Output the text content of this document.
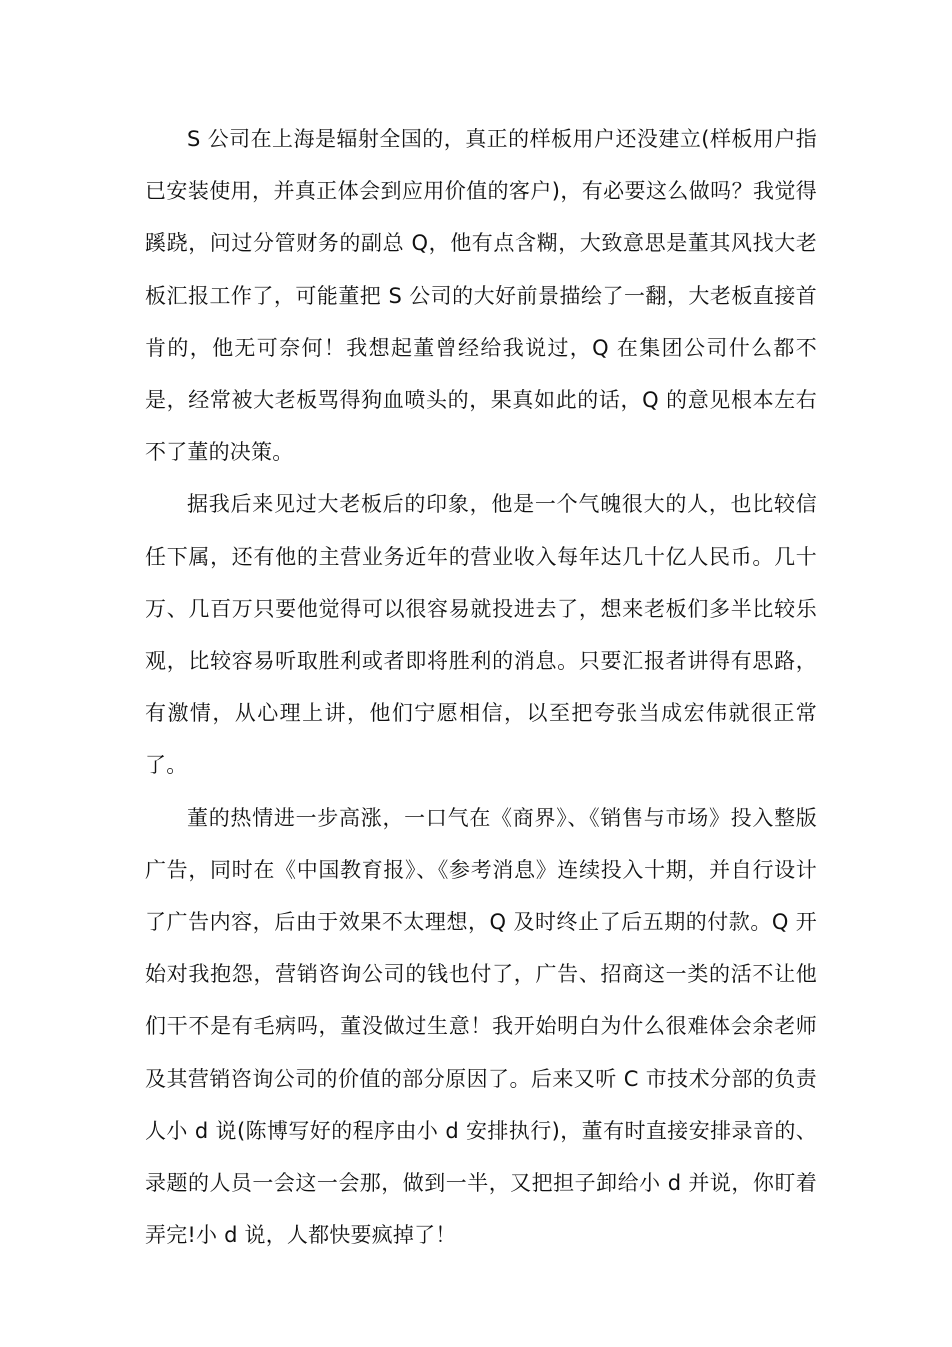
S 公司在上海是辐射全国的，真正的样板用户还没建立(样板用户指已安装使用，并真正体会到应用价值的客户)，有必要这么做吗？我觉得蹊跷，问过分管财务的副总 Q，他有点含糊，大致意思是董其风找大老板汇报工作了，可能董把 S 公司的大好前景描绘了一翻，大老板直接首肯的，他无可奈何！我想起董曾经给我说过，Q 在集团公司什么都不是，经常被大老板骂得狗血喷头的，果真如此的话，Q 的意见根本左右不了董的决策。

据我后来见过大老板后的印象，他是一个气魄很大的人，也比较信任下属，还有他的主营业务近年的营业收入每年达几十亿人民币。几十万、几百万只要他觉得可以很容易就投进去了，想来老板们多半比较乐观，比较容易听取胜利或者即将胜利的消息。只要汇报者讲得有思路，有激情，从心理上讲，他们宁愿相信，以至把夸张当成宏伟就很正常了。

董的热情进一步高涨，一口气在《商界》、《销售与市场》投入整版广告，同时在《中国教育报》、《参考消息》连续投入十期，并自行设计了广告内容，后由于效果不太理想，Q 及时终止了后五期的付款。Q 开始对我抱怨，营销咨询公司的钱也付了，广告、招商这一类的活不让他们干不是有毛病吗，董没做过生意！我开始明白为什么很难体会余老师及其营销咨询公司的价值的部分原因了。后来又听 C 市技术分部的负责人小 d 说(陈博写好的程序由小 d 安排执行)，董有时直接安排录音的、录题的人员一会这一会那，做到一半，又把担子卸给小 d 并说，你盯着弄完!小 d 说，人都快要疯掉了！
